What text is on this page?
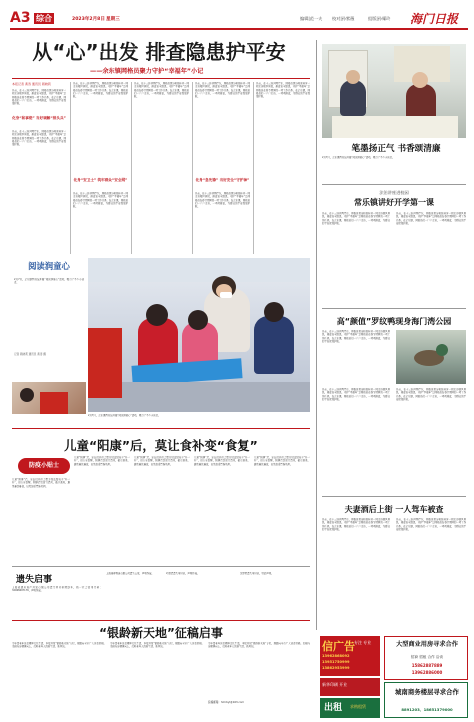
A3 综合	2023年2月8日 星期三	编辑|范一夫 校对|孙紫薇	组版|孙耀玲 海门日报
从“心”出发 排查隐患护平安
——余东镇网格员聚力守护“幸福年”小记
本报记者 黄涛 通讯员 顾晓莉
日前，在十三纬河两岸东，网格员黄涛和张桂芳一同走访辖区居民，排查安全隐患。守护“幸福年”是网格员在春节期间的一项工作任务。在余东镇，网格员们一户户走访，一项项排查，为群众的平安保驾护航。
化身“和事佬” 当好调解“排头兵”
日前，在十三纬河两岸东，网格员黄涛和张桂芳一同走访辖区居民，排查安全隐患。守护“幸福年”是网格员在春节期间的一项工作任务。在余东镇，网格员们一户户走访，一项项排查，为群众的平安保驾护航。
日前，在十三纬河两岸东，网格员黄涛和张桂芳一同走访辖区居民，排查安全隐患。守护“幸福年”是网格员在春节期间的一项工作任务。在余东镇，网格员们一户户走访，一项项排查，为群众的平安保驾护航。
化身“安卫士” 筑牢群众“安全网”
日前，在十三纬河两岸东，网格员黄涛和张桂芳一同走访辖区居民，排查安全隐患。守护“幸福年”是网格员在春节期间的一项工作任务。在余东镇，网格员们一户户走访，一项项排查，为群众的平安保驾护航。
日前，在十三纬河两岸东，网格员黄涛和张桂芳一同走访辖区居民，排查安全隐患。守护“幸福年”是网格员在春节期间的一项工作任务。在余东镇，网格员们一户户走访，一项项排查，为群众的平安保驾护航。
日前，在十三纬河两岸东，网格员黄涛和张桂芳一同走访辖区居民，排查安全隐患。守护“幸福年”是网格员在春节期间的一项工作任务。在余东镇，网格员们一户户走访，一项项排查，为群众的平安保驾护航。
化身“急先锋” 当好安全“守护神”
日前，在十三纬河两岸东，网格员黄涛和张桂芳一同走访辖区居民，排查安全隐患。守护“幸福年”是网格员在春节期间的一项工作任务。在余东镇，网格员们一户户走访，一项项排查，为群众的平安保驾护航。
日前，在十三纬河两岸东，网格员黄涛和张桂芳一同走访辖区居民，排查安全隐患。守护“幸福年”是网格员在春节期间的一项工作任务。在余东镇，网格员们一户户走访，一项项排查，为群众的平安保驾护航。
笔墨扬正气 书香颂清廉
2月7日，余东镇图书馆开展“阅读润童心”活动，吸引了不少小读者。
法治讲座进校园
常乐镇讲好开学第一课
日前，在十三纬河两岸东，网格员黄涛和张桂芳一同走访辖区居民，排查安全隐患。守护“幸福年”是网格员在春节期间的一项工作任务。在余东镇，网格员们一户户走访，一项项排查，为群众的平安保驾护航。
日前，在十三纬河两岸东，网格员黄涛和张桂芳一同走访辖区居民，排查安全隐患。守护“幸福年”是网格员在春节期间的一项工作任务。在余东镇，网格员们一户户走访，一项项排查，为群众的平安保驾护航。
高“颜值”罗纹鸭现身海门湾公园
日前，在十三纬河两岸东，网格员黄涛和张桂芳一同走访辖区居民，排查安全隐患。守护“幸福年”是网格员在春节期间的一项工作任务。在余东镇，网格员们一户户走访，一项项排查，为群众的平安保驾护航。
日前，在十三纬河两岸东，网格员黄涛和张桂芳一同走访辖区居民，排查安全隐患。守护“幸福年”是网格员在春节期间的一项工作任务。在余东镇，网格员们一户户走访，一项项排查，为群众的平安保驾护航。
日前，在十三纬河两岸东，网格员黄涛和张桂芳一同走访辖区居民，排查安全隐患。守护“幸福年”是网格员在春节期间的一项工作任务。在余东镇，网格员们一户户走访，一项项排查，为群众的平安保驾护航。
夫妻酒后上街 一人驾车被查
日前，在十三纬河两岸东，网格员黄涛和张桂芳一同走访辖区居民，排查安全隐患。守护“幸福年”是网格员在春节期间的一项工作任务。在余东镇，网格员们一户户走访，一项项排查，为群众的平安保驾护航。
日前，在十三纬河两岸东，网格员黄涛和张桂芳一同走访辖区居民，排查安全隐患。守护“幸福年”是网格员在春节期间的一项工作任务。在余东镇，网格员们一户户走访，一项项排查，为群众的平安保驾护航。
阅读润童心
2月7日，余东镇图书馆开展“阅读润童心”活动，吸引了不少小读者。
记者 顾晓莉 通讯员 黄涛 摄
2月7日，余东镇图书馆开展“阅读润童心”活动，吸引了不少小读者。
儿童“阳康”后，莫让食补变“食复”
防疫小贴士
儿童“阳康”后，家长们往往会想方设法给孩子“补一补”，但专家提醒，阳康后饮食宜清淡，循序渐进，避免暴饮暴食，以免加重胃肠负担。
儿童“阳康”后，家长们往往会想方设法给孩子“补一补”，但专家提醒，阳康后饮食宜清淡，循序渐进，避免暴饮暴食，以免加重胃肠负担。
儿童“阳康”后，家长们往往会想方设法给孩子“补一补”，但专家提醒，阳康后饮食宜清淡，循序渐进，避免暴饮暴食，以免加重胃肠负担。
儿童“阳康”后，家长们往往会想方设法给孩子“补一补”，但专家提醒，阳康后饮食宜清淡，循序渐进，避免暴饮暴食，以免加重胃肠负担。
儿童“阳康”后，家长们往往会想方设法给孩子“补一补”，但专家提醒，阳康后饮食宜清淡，循序渐进，避免暴饮暴食，以免加重胃肠负担。
遗失启事
上海成德房地产开发有限公司遗失营业执照副本，统一社会信用代码：32068497176，声明作废。
上海诚泰物流有限公司遗失公章，声明作废。	叶德清遗失身份证，声明作废。	沈婷婷遗失身份证，特此声明。
“银龄新天地”征稿启事
为丰富老年读者精神文化生活，本报开设“银龄新天地”专栏，现面向全市广大读者征稿。来稿内容健康向上，反映老年人的新生活、新风貌。
为丰富老年读者精神文化生活，本报开设“银龄新天地”专栏，现面向全市广大读者征稿。来稿内容健康向上，反映老年人的新生活、新风貌。
为丰富老年读者精神文化生活，本报开设“银龄新天地”专栏，现面向全市广大读者征稿。来稿内容健康向上，反映老年人的新生活、新风貌。
投稿邮箱：hmrbyl@163.com
信广告 专注 专业
13962868092
13951750999
13862953999
新华印刷 开业
大型商业用房寻求合作
招商 招租 合作 洽谈
15862887889
13962886000
出租 求购租赁
城南商务楼层寻求合作
8891203、18651379000
